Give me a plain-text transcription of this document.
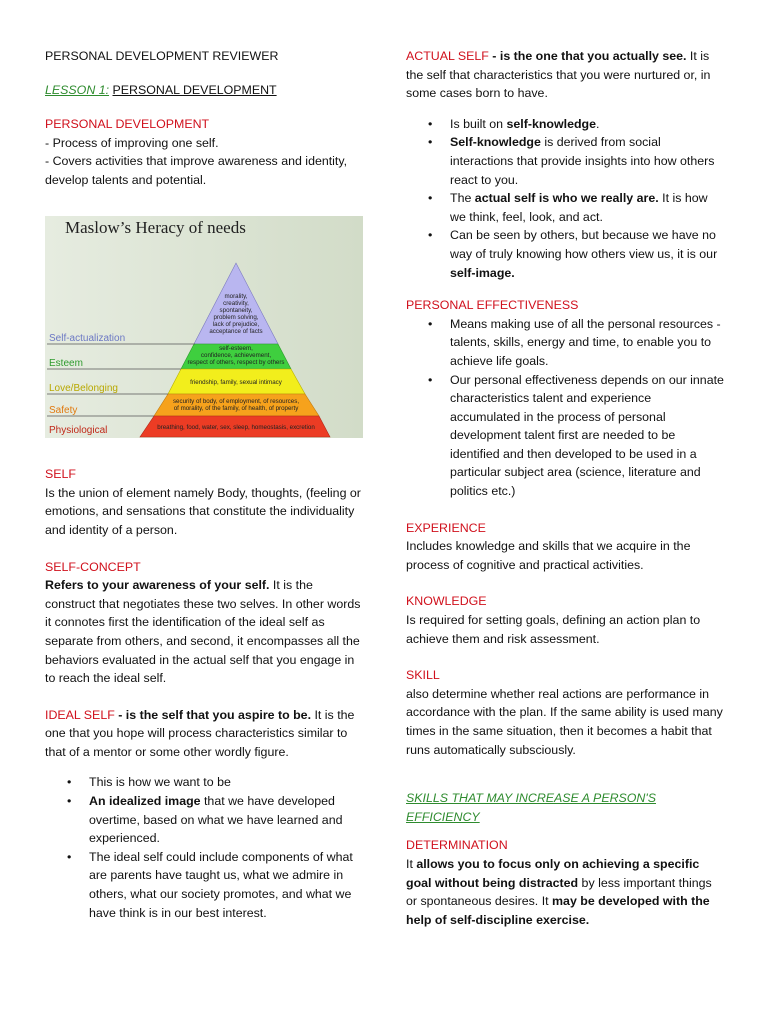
PERSONAL DEVELOPMENT REVIEWER

LESSON 1: PERSONAL DEVELOPMENT

PERSONAL DEVELOPMENT

- Process of improving one self.

- Covers activities that improve awareness and identity, develop talents and potential.

Maslow’s Heracy of needs
Self-actualization
Esteem
Love/Belonging
Safety
Physiological
morality,
creativity,
spontaneity,
problem solving,
lack of prejudice,
acceptance of facts
self-esteem,
confidence, achievement,
respect of others, respect by others
friendship, family, sexual intimacy
security of body, of employment, of resources,
of morality, of the family, of health, of property
breathing, food, water, sex, sleep, homeostasis, excretion

SELF

Is the union of element namely Body, thoughts, (feeling or emotions, and sensations that constitute the individuality and identity of a person.

SELF-CONCEPT

Refers to your awareness of your self. It is the construct that negotiates these two selves. In other words it connotes first the identification of the ideal self as separate from others, and second, it encompasses all the behaviors evaluated in the actual self that you engage in to reach the ideal self.

IDEAL SELF - is the self that you aspire to be. It is the one that you hope will process characteristics similar to that of a mentor or some other wordly figure.

• This is how we want to be
• An idealized image that we have developed overtime, based on what we have learned and experienced.
• The ideal self could include components of what are parents have taught us, what we admire in others, what our society promotes, and what we have think is in our best interest.

ACTUAL SELF - is the one that you actually see. It is the self that characteristics that you were nurtured or, in some cases born to have.

• Is built on self-knowledge.
• Self-knowledge is derived from social interactions that provide insights into how others react to you.
• The actual self is who we really are. It is how we think, feel, look, and act.
• Can be seen by others, but because we have no way of truly knowing how others view us, it is our self-image.

PERSONAL EFFECTIVENESS

• Means making use of all the personal resources - talents, skills, energy and time, to enable you to achieve life goals.
• Our personal effectiveness depends on our innate characteristics talent and experience accumulated in the process of personal development talent first are needed to be identified and then developed to be used in a particular subject area (science, literature and politics etc.)

EXPERIENCE

Includes knowledge and skills that we acquire in the process of cognitive and practical activities.

KNOWLEDGE

Is required for setting goals, defining an action plan to achieve them and risk assessment.

SKILL

also determine whether real actions are performance in accordance with the plan. If the same ability is used many times in the same situation, then it becomes a habit that runs automatically subsciously.

SKILLS THAT MAY INCREASE A PERSON'S EFFICIENCY

DETERMINATION

It allows you to focus only on achieving a specific goal without being distracted by less important things or spontaneous desires. It may be developed with the help of self-discipline exercise.
